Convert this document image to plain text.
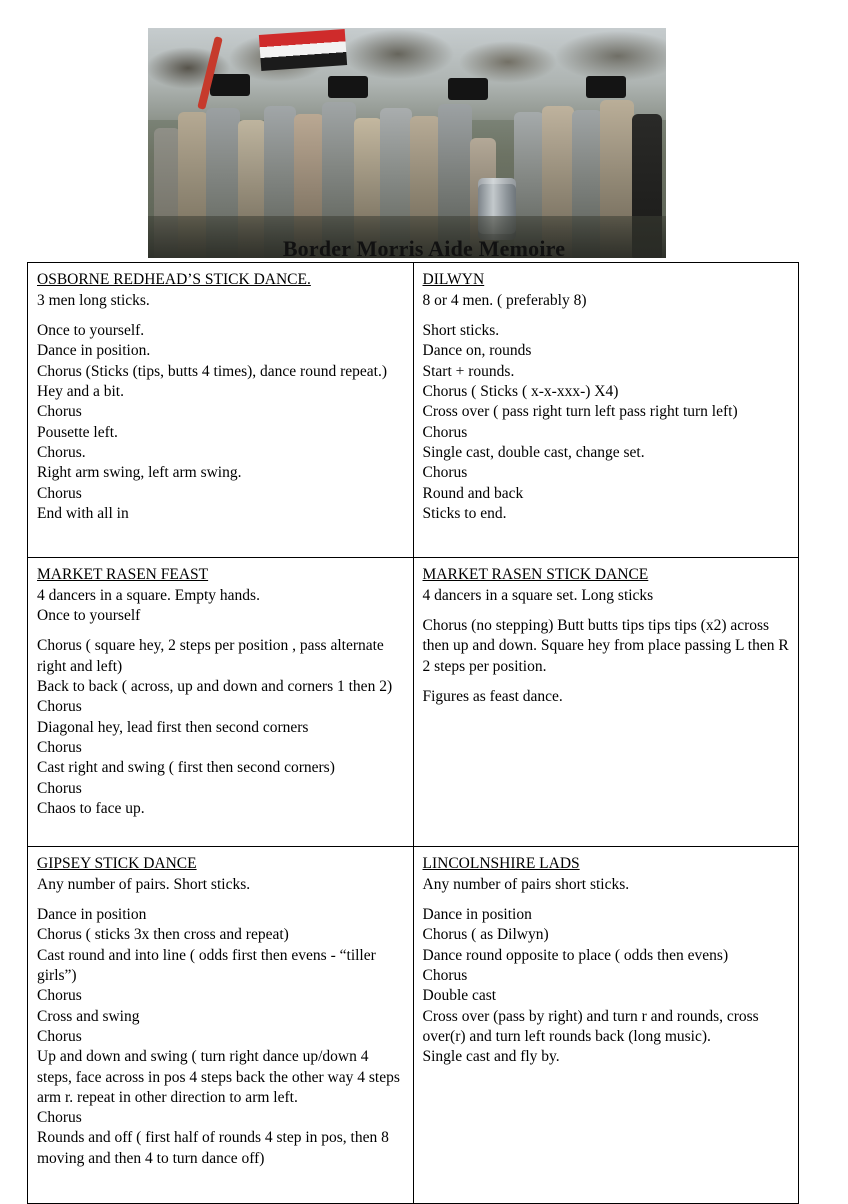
Border Morris Aide Memoire
OSBORNE REDHEAD’S STICK DANCE.
3 men long sticks.
Once to yourself.
Dance in position.
Chorus (Sticks (tips, butts 4 times), dance round repeat.)
Hey and a bit.
Chorus
Pousette left.
Chorus.
Right arm swing, left arm swing.
Chorus
End with all in

DILWYN
8 or 4 men. ( preferably 8)
Short sticks.
Dance on, rounds
Start + rounds.
Chorus ( Sticks ( x-x-xxx-) X4)
Cross over ( pass right turn left pass right turn left)
Chorus
Single cast, double cast, change set.
Chorus
Round and back
Sticks to end.

MARKET RASEN FEAST
4 dancers in a square. Empty hands.
Once to yourself
Chorus ( square hey, 2 steps per position , pass alternate right and left)
Back to back ( across, up and down and corners 1 then 2)
Chorus
Diagonal hey, lead first then second corners
Chorus
Cast right and swing ( first then second corners)
Chorus
Chaos to face up.

MARKET RASEN STICK DANCE
4 dancers in a square set. Long sticks
Chorus (no stepping) Butt butts tips tips tips (x2) across then up and down. Square hey from place passing L then R 2 steps per position.
Figures as feast dance.

GIPSEY STICK DANCE
Any number of pairs. Short sticks.
Dance in position
Chorus ( sticks 3x then cross and repeat)
Cast round and into line ( odds first then evens - “tiller girls”)
Chorus
Cross and swing
Chorus
Up and down and swing ( turn right dance up/down 4 steps, face across in pos 4 steps back the other way 4 steps arm r. repeat in other direction to arm left.
Chorus
Rounds and off ( first half of rounds 4 step in pos, then 8 moving and then 4 to turn dance off)

LINCOLNSHIRE LADS
Any number of pairs short sticks.
Dance in position
Chorus ( as Dilwyn)
Dance round opposite to place ( odds then evens)
Chorus
Double cast
Cross over (pass by right) and turn r and rounds, cross over(r) and turn left rounds back (long music).
Single cast and fly by.
